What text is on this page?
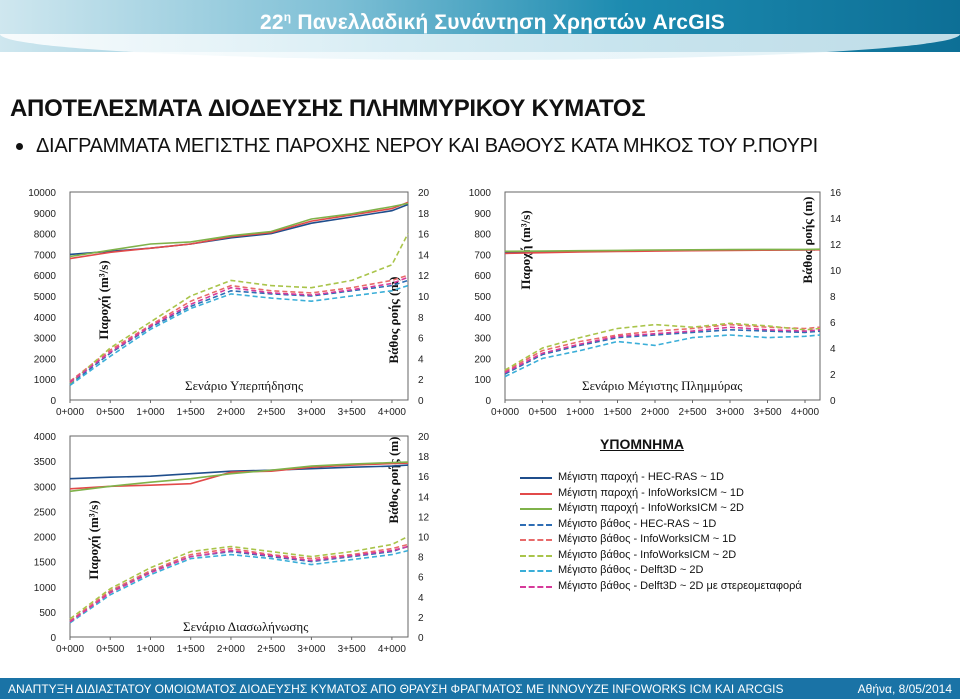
$22^\eta$ Πανελλαδική Συνάντηση Χρηστών ArcGIS
ΑΠΟΤΕΛΕΣΜΑΤΑ ΔΙΟΔΕΥΣΗΣ ΠΛΗΜΜΥΡΙΚΟΥ ΚΥΜΑΤΟΣ
ΔΙΑΓΡΑΜΜΑΤΑ ΜΕΓΙΣΤΗΣ ΠΑΡΟΧΗΣ ΝΕΡΟΥ ΚΑΙ ΒΑΘΟΥΣ ΚΑΤΑ ΜΗΚΟΣ ΤΟΥ Ρ.ΠΟΥΡΙ
0
1000
2000
3000
4000
5000
6000
7000
8000
9000
10000
0
2
4
6
8
10
12
14
16
18
20
0+000 0+500 1+000 1+500 2+000 2+500 3+000 3+500 4+000
Παροχή (m³/s)	Βάθος ροής (m)
Σενάριο Υπερπήδησης
0
100
200
300
400
500
600
700
800
900
1000
0
2
4
6
8
10
12
14
16
0+000 0+500 1+000 1+500 2+000 2+500 3+000 3+500 4+000
Παροχή (m³/s)	Βάθος ροής (m)
Σενάριο Μέγιστης Πλημμύρας
0
500
1000
1500
2000
2500
3000
3500
4000
0
2
4
6
8
10
12
14
16
18
20
0+000 0+500 1+000 1+500 2+000 2+500 3+000 3+500 4+000
Παροχή (m³/s)
Βάθος ροής (m)
Σενάριο Διασωλήνωσης
ΥΠΟΜΝΗΜΑ
Μέγιστη παροχή - HEC-RAS ~ 1D
Μέγιστη παροχή - InfoWorksICM ~ 1D
Μέγιστη παροχή - InfoWorksICM ~ 2D
Μέγιστο βάθος - HEC-RAS ~ 1D
Μέγιστο βάθος - InfoWorksICM ~ 1D
Μέγιστο βάθος - InfoWorksICM ~ 2D
Μέγιστο βάθος - Delft3D ~ 2D
Μέγιστο βάθος - Delft3D ~ 2D με στερεομεταφορά
ΑΝΑΠΤΥΞΗ ΔΙΔΙΑΣΤΑΤΟΥ ΟΜΟΙΩΜΑΤΟΣ ΔΙΟΔΕΥΣΗΣ ΚΥΜΑΤΟΣ ΑΠΟ ΘΡΑΥΣΗ ΦΡΑΓΜΑΤΟΣ ΜΕ INNOVYZE INFOWORKS ICM ΚΑΙ ARCGIS	Αθήνα, 8/05/2014
